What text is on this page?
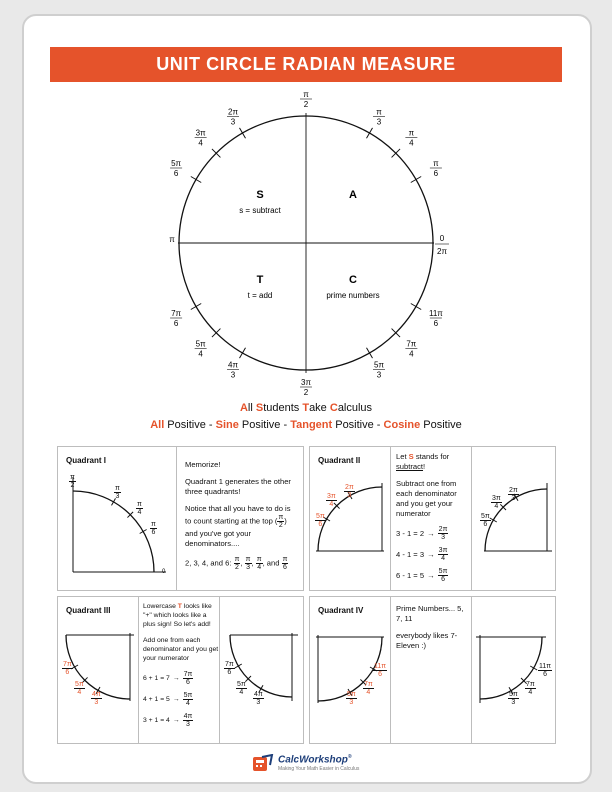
UNIT CIRCLE RADIAN MEASURE
S
s = subtract
A
T
t = add
C
prime numbers
0
2π
π
π
2
π
3
π
4
π
6
2π
3
3π
4
5π
6
7π
6
5π
4
4π
3
3π
2
5π
3
7π
4
11π
6
All Students Take Calculus
All Positive - Sine Positive - Tangent Positive - Cosine Positive
0
$\frac{\pi}{2}$
$\frac{\pi}{3}$
$\frac{\pi}{4}$
$\frac{\pi}{6}$
Quadrant I	Memorize!

Quadrant 1 generates the other three quadrants!

Notice that all you have to do is to count starting at the top ( $\frac{\pi}{2}$ ) and you've got your denominators....

2, 3, 4, and 6: $\frac{\pi}{2}$ , $\frac{\pi}{3}$ , $\frac{\pi}{4}$ , and $\frac{\pi}{6}$

$\frac{2\pi}{3}$
$\frac{3\pi}{4}$
$\frac{5\pi}{6}$
$\frac{2\pi}{3}$
$\frac{3\pi}{4}$
$\frac{5\pi}{6}$
Quadrant II	Let S stands for subtract!

Subtract one from each denominator and you get your numerator

$3 - 1 = 2 \to \frac{2\pi}{3}$
$4 - 1 = 3 \to \frac{3\pi}{4}$
$6 - 1 = 5 \to \frac{5\pi}{6}$
$\frac{7\pi}{6}$
$\frac{5\pi}{4}$
$\frac{4\pi}{3}$
$\frac{7\pi}{6}$
$\frac{5\pi}{4}$
$\frac{4\pi}{3}$
Quadrant III	Lowercase T looks like "+" which looks like a plus sign! So let's add!

Add one from each denominator and you get your numerator

$6 + 1 = 7 \to \frac{7\pi}{6}$
$4 + 1 = 5 \to \frac{5\pi}{4}$
$3 + 1 = 4 \to \frac{4\pi}{3}$
$\frac{5\pi}{3}$
$\frac{7\pi}{4}$
$\frac{11\pi}{6}$
$\frac{5\pi}{3}$
$\frac{7\pi}{4}$
$\frac{11\pi}{6}$
Quadrant IV	Prime Numbers... 5, 7, 11

everybody likes 7-Eleven :)

CalcWorkshop®
Making Your Math Easier in Calculus
